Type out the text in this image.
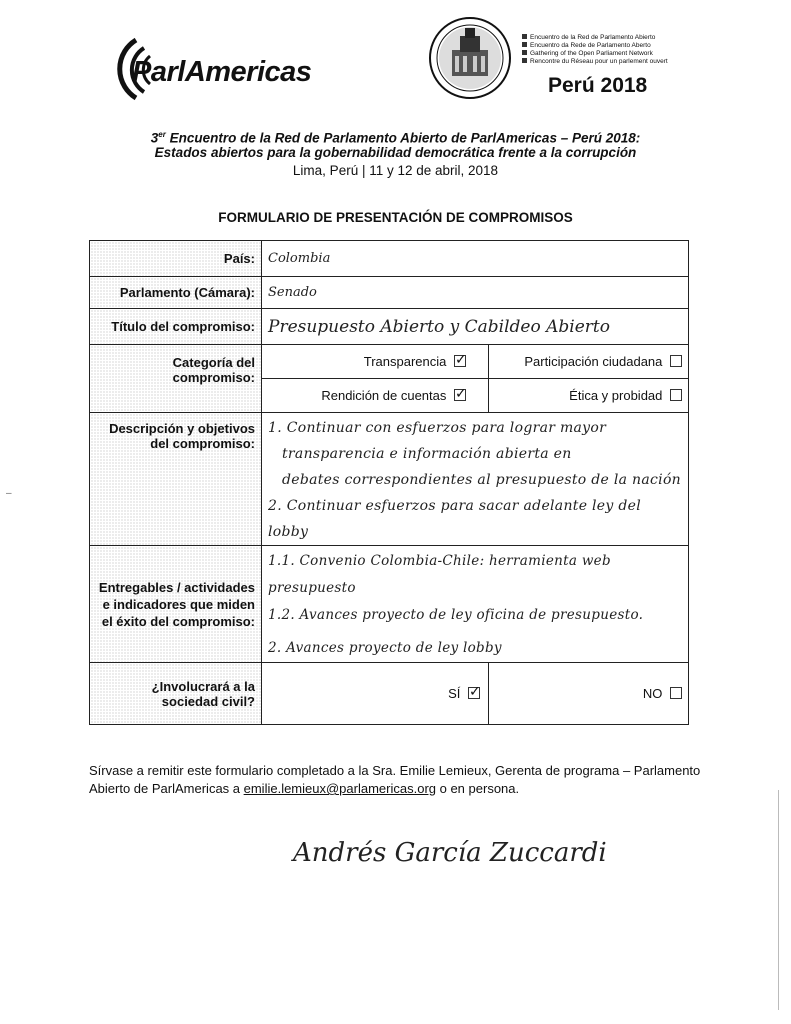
ParlAmericas
Encuentro de la Red de Parlamento Abierto
Encuentro da Rede de Parlamento Aberto
Gathering of the Open Parliament Network
Rencontre du Réseau pour un parlement ouvert
Perú 2018
3er Encuentro de la Red de Parlamento Abierto de ParlAmericas – Perú 2018:
Estados abiertos para la gobernabilidad democrática frente a la corrupción
Lima, Perú | 11 y 12 de abril, 2018
FORMULARIO DE PRESENTACIÓN DE COMPROMISOS
País:	Colombia	
Parlamento (Cámara):	Senado	
Título del compromiso:	Presupuesto Abierto y Cabildeo Abierto	
Categoría del compromiso:	Transparencia ✓	Participación ciudadana
	Rendición de cuentas ✓	Ética y probidad
Descripción y objetivos del compromiso:	1. Continuar con esfuerzos para lograr mayor
transparencia e información abierta en
debates correspondientes al presupuesto de la nación
2. Continuar esfuerzos para sacar adelante ley del lobby	

Entregables / actividades e indicadores que miden el éxito del compromiso:	1.1. Convenio Colombia-Chile: herramienta web presupuesto
1.2. Avances proyecto de ley oficina de presupuesto.
2. Avances proyecto de ley lobby	

¿Involucrará a la sociedad civil?	SÍ ✓	NO
Sírvase a remitir este formulario completado a la Sra. Emilie Lemieux, Gerenta de programa – Parlamento Abierto de ParlAmericas a emilie.lemieux@parlamericas.org o en persona.
Andrés García Zuccardi
–
